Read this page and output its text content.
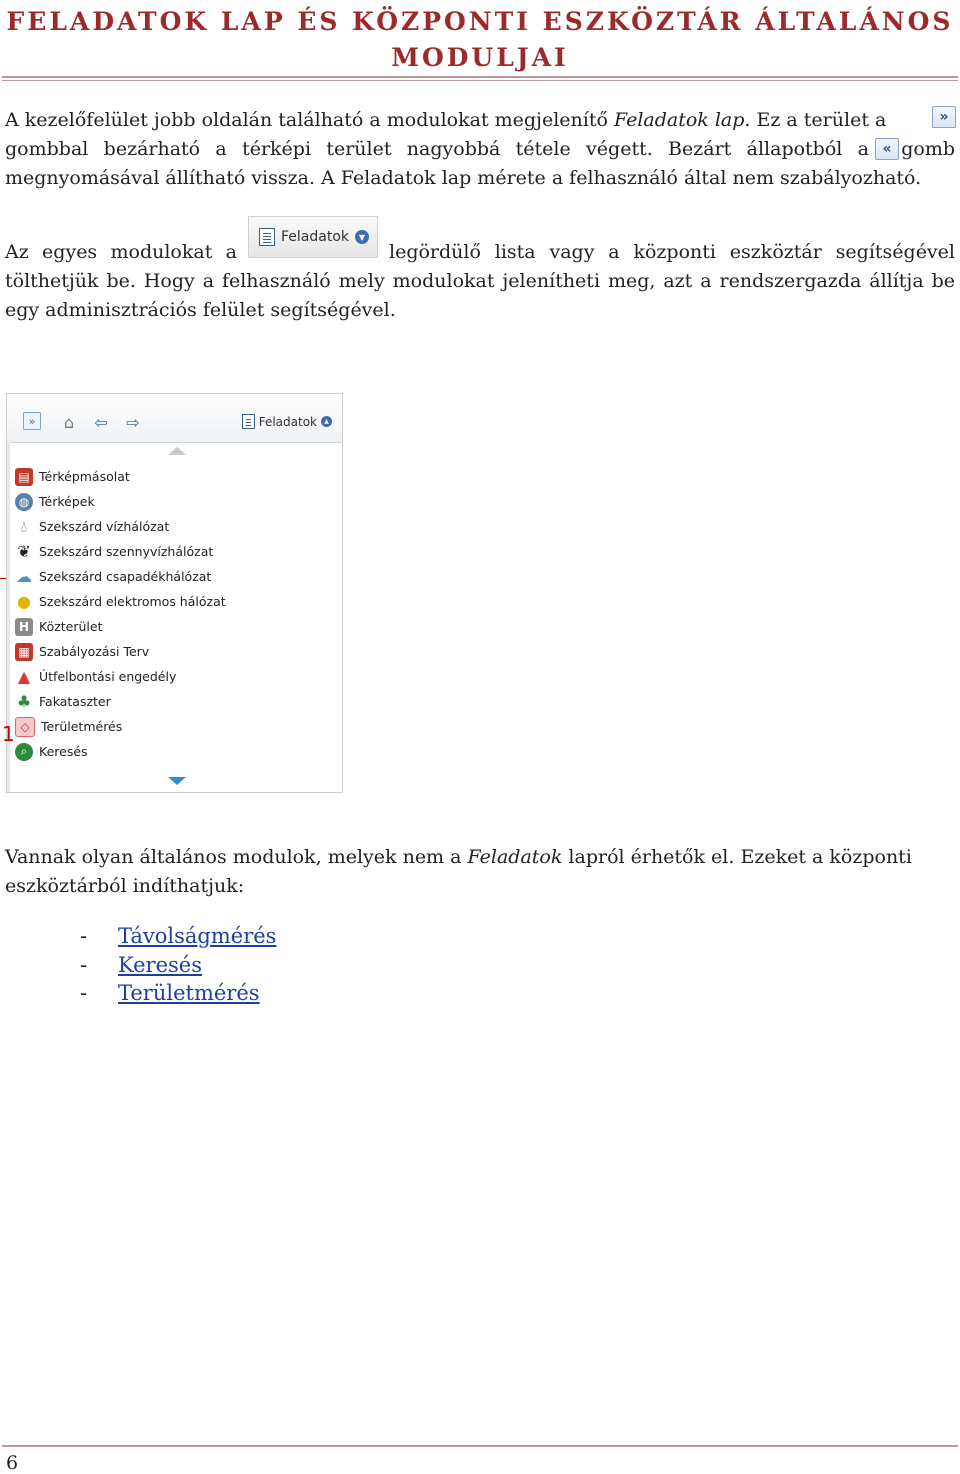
FELADATOK LAP ÉS KÖZPONTI ESZKÖZTÁR ÁLTALÁNOS
MODULJAI
A kezelőfelület jobb oldalán található a modulokat megjelenítő Feladatok lap. Ez a terület a
gombbal bezárható a térképi terület nagyobbá tétele végett. Bezárt állapotból a gomb
megnyomásával állítható vissza. A Feladatok lap mérete a felhasználó által nem szabályozható.
»
«
Az egyes modulokat a	legördülő lista vagy a központi eszköztár segítségével
tölthetjük be. Hogy a felhasználó mely modulokat jelenítheti meg, azt a rendszergazda állítja be egy adminisztrációs felület segítségével.
Feladatok	▼
»	⌂	⇦ ⇨	Feladatok	▲
▤ Térképmásolat
◍ Térképek
💧︎ Szekszárd vízhálózat
❦ Szekszárd szennyvízhálózat
☁ Szekszárd csapadékhálózat
● Szekszárd elektromos hálózat
H Közterület
▦ Szabályozási Terv
▲ Útfelbontási engedély
♣ Fakataszter
◇ Területmérés
⌕ Keresés
1
Vannak olyan általános modulok, melyek nem a Feladatok lapról érhetők el. Ezeket a központi
eszköztárból indíthatjuk:
-	Távolságmérés
-	Keresés
-	Területmérés
6
